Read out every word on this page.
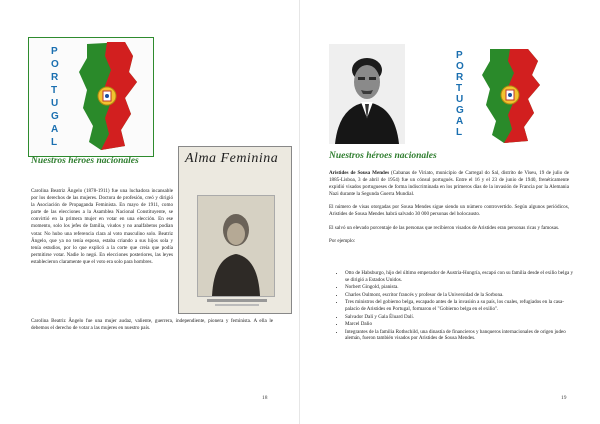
P
O
R
T
U
G
A
L
Nuestros héroes nacionales	Alma Feminina

Carolina Beatriz Ângelo (1878-1911) fue una luchadora incansable por los derechos de las mujeres. Doctora de profesión, creó y dirigió la Asociación de Propaganda Feminista. En mayo de 1911, como parte de las elecciones a la Asamblea Nacional Constituyente, se convirtió en la primera mujer en votar en una elección. En ese momento, solo los jefes de familia, viudos y no analfabetos podían votar. No hubo una referencia clara al voto masculino solo. Beatriz Ângelo, que ya no tenía esposo, estaba criando a sus hijos sola y tenía estudios, por lo que explicó a la corte que creía que podía permitirse votar. Nadie lo negó. En elecciones posteriores, las leyes establecieron claramente que el voto era solo para hombres.

Carolina Beatriz Ângelo fue una mujer audaz, valiente, guerrera, independiente, pionera y feminista. A ella le debemos el derecho de votar a las mujeres en nuestro país.
18
P
O
R
T
U
G
A
L
Nuestros héroes nacionales

Aristides de Sousa Mendes (Cabanas de Viriato, municipio de Carregal do Sal, distrito de Viseu, 19 de julio de 1885-Lisboa, 3 de abril de 1954) fue un cónsul portugués. Entre el 16 y el 23 de junio de 1940, frenéticamente expidió visados portugueses de forma indiscriminada en los primeros días de la invasión de Francia por la Alemania Nazi durante la Segunda Guerra Mundial.

El número de visas otorgadas por Sousa Mendes sigue siendo un número controvertido. Según algunos periódicos, Aristides de Sousa Mendes habrá salvado 30 000 personas del holocausto.

El salvó un elevado porcentaje de las personas que recibieron visados de Aristides eran personas ricas y famosas.

Por ejemplo:

• Otto de Habsburgo, hijo del último emperador de Austria-Hungría, escapó con su familia desde el exilio belga y se dirigió a Estados Unidos.
• Norbert Gingold, pianista.
• Charles Oulmont, escritor francés y profesor de la Universidad de la Sorbona.
• Tres ministros del gobierno belga, escapado antes de la invasión a su país, los cuales, refugiados en la casa-palacio de Aristides en Portugal, formaron el "Gobierno belga en el exilio".
• Salvador Dalí y Gala Éluard Dalí.
• Marcel Dalio
• Integrantes de la familia Rothschild, una dinastía de financieros y banqueros internacionales de origen judeo alemán, fueron también visados por Aristides de Sousa Mendes.
19
